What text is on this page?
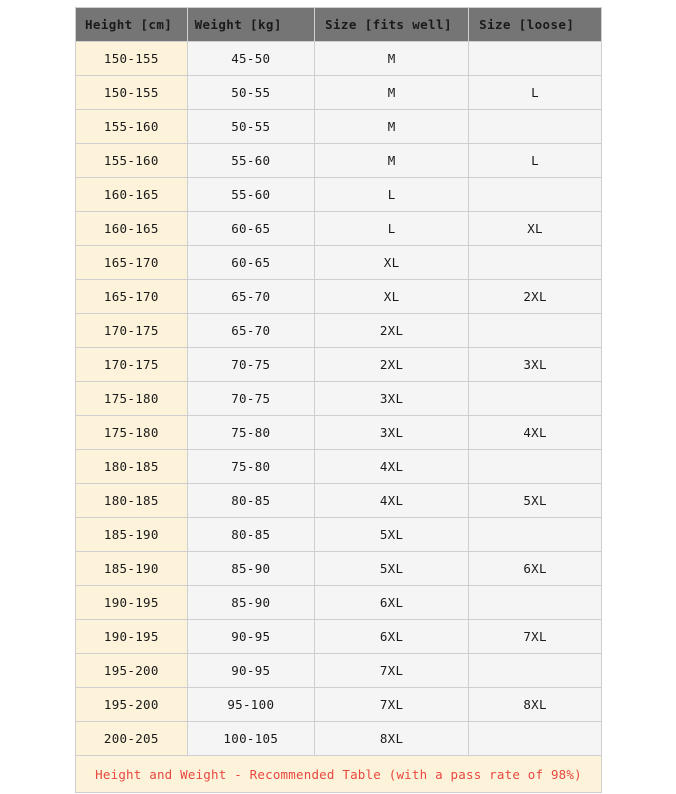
Height [cm]	Weight [kg]	Size [fits well]	Size [loose]
150-155	45-50	M	
150-155	50-55	M	L
155-160	50-55	M	
155-160	55-60	M	L
160-165	55-60	L	
160-165	60-65	L	XL
165-170	60-65	XL	
165-170	65-70	XL	2XL
170-175	65-70	2XL	
170-175	70-75	2XL	3XL
175-180	70-75	3XL	
175-180	75-80	3XL	4XL
180-185	75-80	4XL	
180-185	80-85	4XL	5XL
185-190	80-85	5XL	
185-190	85-90	5XL	6XL
190-195	85-90	6XL	
190-195	90-95	6XL	7XL
195-200	90-95	7XL	
195-200	95-100	7XL	8XL
200-205	100-105	8XL	
Height and Weight - Recommended Table (with a pass rate of 98%)			
